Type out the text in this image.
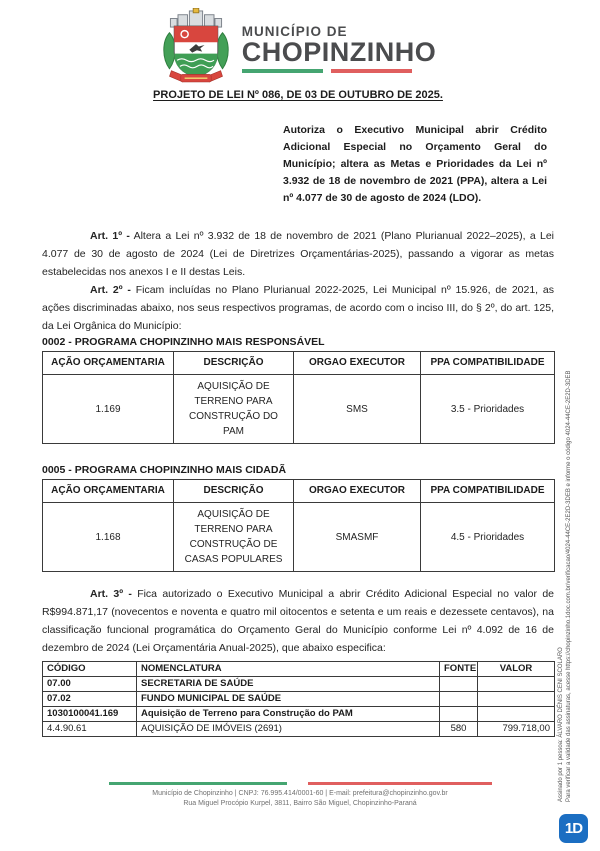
MUNICÍPIO DE
CHOPINZINHO
PROJETO DE LEI Nº 086, DE 03 DE OUTUBRO DE 2025.

Autoriza o Executivo Municipal abrir Crédito Adicional Especial no Orçamento Geral do Município; altera as Metas e Prioridades da Lei nº 3.932 de 18 de novembro de 2021 (PPA), altera a Lei nº 4.077 de 30 de agosto de 2024 (LDO).

Art. 1º - Altera a Lei nº 3.932 de 18 de novembro de 2021 (Plano Plurianual 2022–2025), a Lei 4.077 de 30 de agosto de 2024 (Lei de Diretrizes Orçamentárias-2025), passando a vigorar as metas estabelecidas nos anexos I e II destas Leis.

Art. 2º - Ficam incluídas no Plano Plurianual 2022-2025, Lei Municipal nº 15.926, de 2021, as ações discriminadas abaixo, nos seus respectivos programas, de acordo com o inciso III, do § 2º, do art. 125, da Lei Orgânica do Município:

0002 - PROGRAMA CHOPINZINHO MAIS RESPONSÁVEL
AÇÃO ORÇAMENTARIA	DESCRIÇÃO	ORGAO EXECUTOR	PPA COMPATIBILIDADE
1.169	AQUISIÇÃO DE TERRENO PARA CONSTRUÇÃO DO PAM	SMS	3.5 - Prioridades
0005 - PROGRAMA CHOPINZINHO MAIS CIDADÃ
AÇÃO ORÇAMENTARIA	DESCRIÇÃO	ORGAO EXECUTOR	PPA COMPATIBILIDADE
1.168	AQUISIÇÃO DE TERRENO PARA CONSTRUÇÃO DE CASAS POPULARES	SMASMF	4.5 - Prioridades

Art. 3º - Fica autorizado o Executivo Municipal a abrir Crédito Adicional Especial no valor de R$994.871,17 (novecentos e noventa e quatro mil oitocentos e setenta e um reais e dezessete centavos), na classificação funcional programática do Orçamento Geral do Município conforme Lei nº 4.092 de 16 de dezembro de 2024 (Lei Orçamentária Anual-2025), que abaixo especifica:

CÓDIGO	NOMENCLATURA	FONTE	VALOR
07.00	SECRETARIA DE SAÚDE		
07.02	FUNDO MUNICIPAL DE SAÚDE		
1030100041.169	Aquisição de Terreno para Construção do PAM		
4.4.90.61	AQUISIÇÃO DE IMÓVEIS (2691)	580	799.718,00
Município de Chopinzinho | CNPJ: 76.995.414/0001-60 | E-mail: prefeitura@chopinzinho.gov.br
Rua Miguel Procópio Kurpel, 3811, Bairro São Miguel, Chopinzinho-Paraná
Assinado por 1 pessoa: ÁLVARO DÉNIS CENI SCOLARO Para verificar a validade das assinaturas, acesse https://chopinzinho.1doc.com.br/verificacao/4024-44CE-2E2D-3DEB e informe o código 4024-44CE-2E2D-3DEB
1D
